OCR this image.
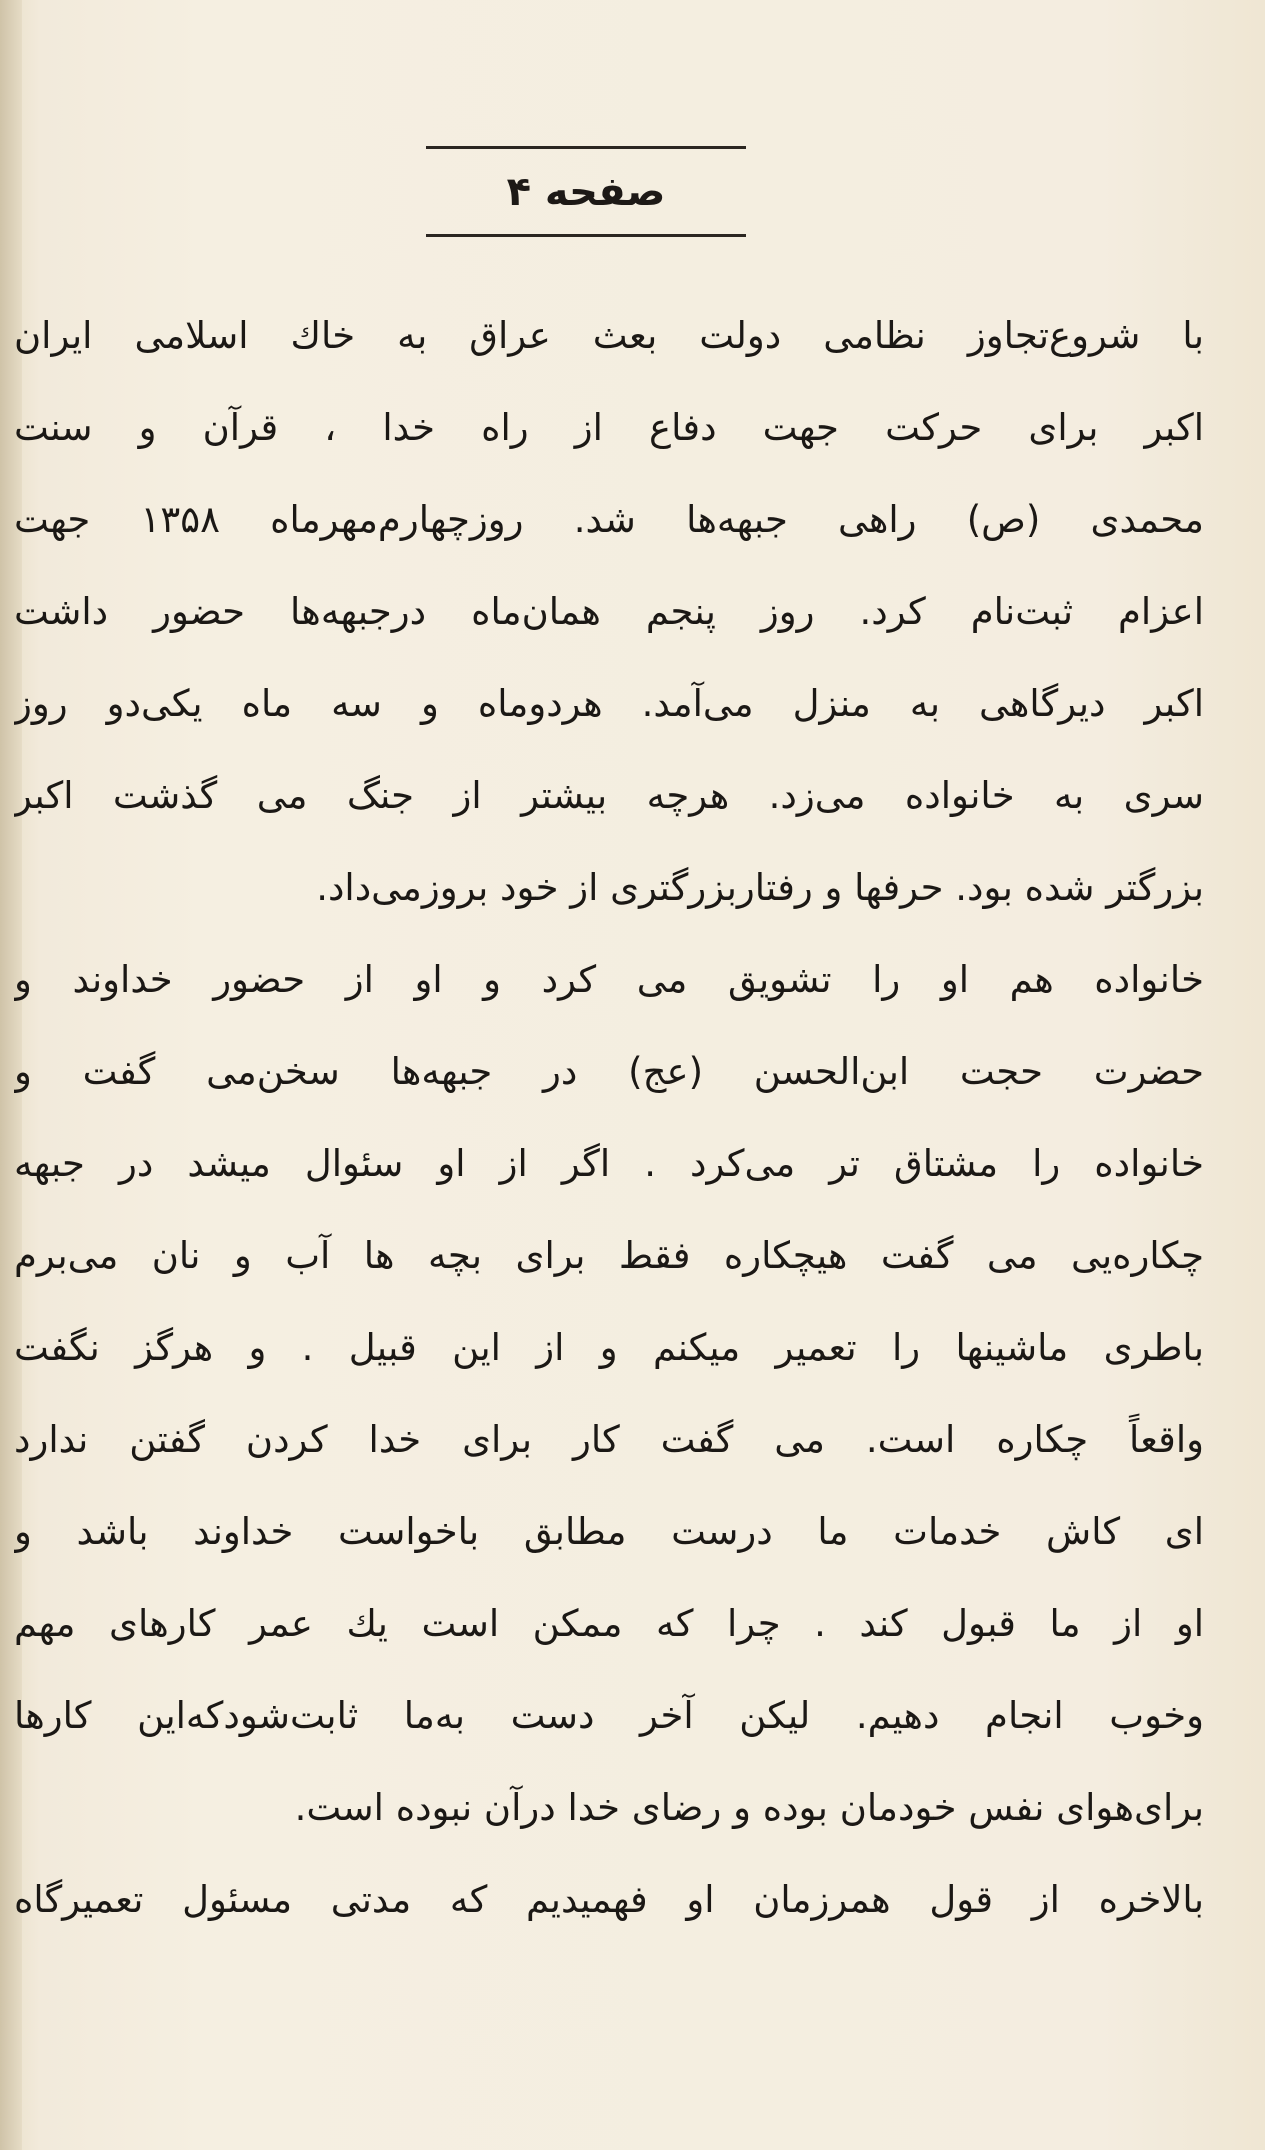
صفحه ۴
با شروع‌تجاوز نظامی دولت بعث عراق به خاك اسلامی ایران
اکبر برای حرکت جهت دفاع از راه خدا ، قرآن و سنت
محمدی (ص) راهی جبهه‌ها شد. روزچهارم‌مهرماه ۱۳۵۸ جهت
اعزام ثبت‌نام کرد. روز پنجم همان‌ماه درجبهه‌ها حضور داشت
اکبر دیرگاهی به منزل می‌آمد. هردوماه و سه ماه یکی‌دو روز
سری به خانواده می‌زد. هرچه بیشتر از جنگ می گذشت اکبر
بزرگتر شده بود. حرفها و رفتاربزرگتری از خود بروزمی‌داد.
خانواده هم او را تشویق می کرد و او از حضور خداوند و
حضرت حجت ابن‌الحسن (عج) در جبهه‌ها سخن‌می گفت و
خانواده را مشتاق تر می‌کرد . اگر از او سئوال میشد در جبهه
چکاره‌یی می گفت هیچکاره فقط برای بچه ها آب و نان می‌برم
باطری ماشینها را تعمیر میکنم و از این قبیل . و هرگز نگفت
واقعاً چکاره است. می گفت کار برای خدا کردن گفتن ندارد
ای کاش خدمات ما درست مطابق باخواست خداوند باشد و
او از ما قبول کند . چرا که ممکن است یك عمر کارهای مهم
وخوب انجام دهیم. لیکن آخر دست به‌ما ثابت‌شودکه‌این کارها
برای‌هوای نفس خودمان بوده و رضای خدا درآن نبوده است.
بالاخره از قول همرزمان او فهمیدیم که مدتی مسئول تعمیرگاه
